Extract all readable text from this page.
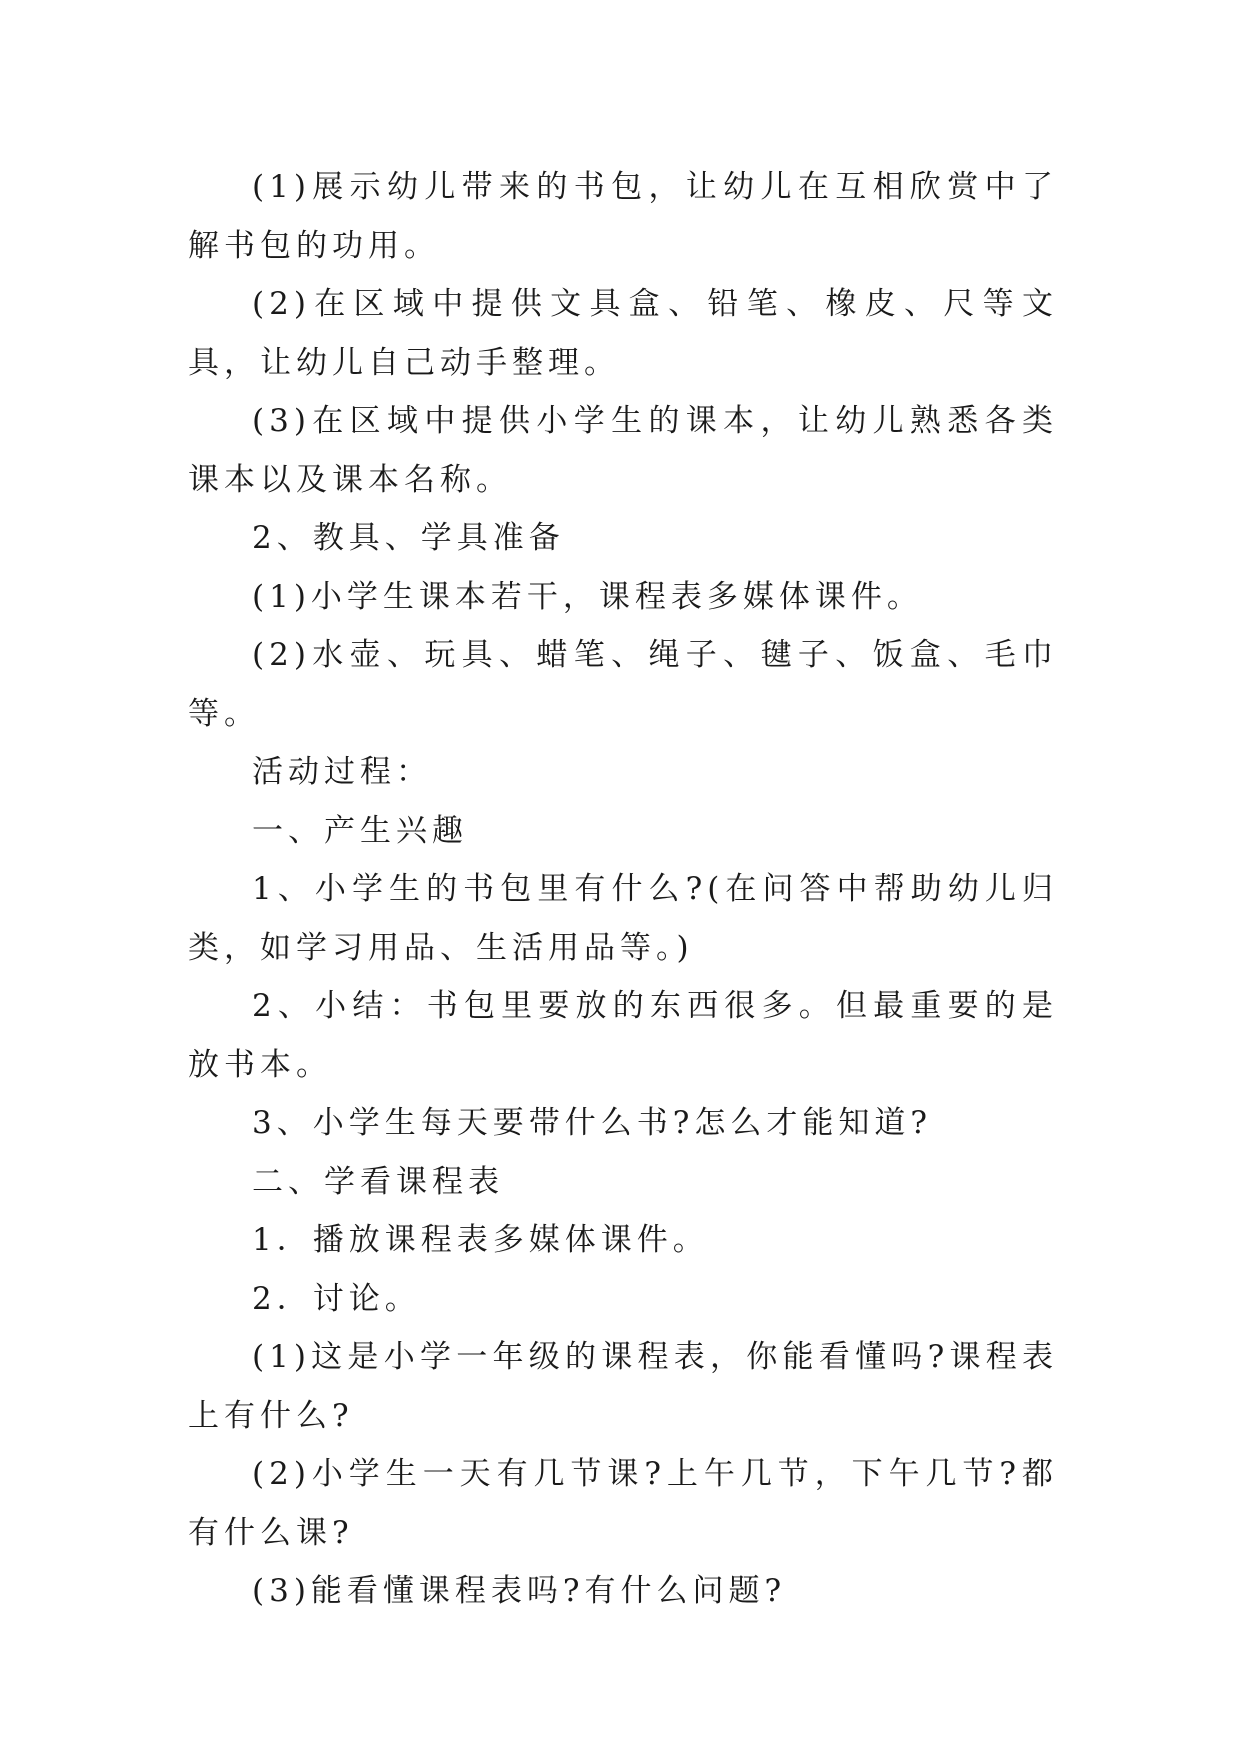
(1)展示幼儿带来的书包，让幼儿在互相欣赏中了解书包的功用。

(2)在区域中提供文具盒、铅笔、橡皮、尺等文具，让幼儿自己动手整理。

(3)在区域中提供小学生的课本，让幼儿熟悉各类课本以及课本名称。

2、教具、学具准备

(1)小学生课本若干，课程表多媒体课件。

(2)水壶、玩具、蜡笔、绳子、毽子、饭盒、毛巾等。

活动过程：

一、产生兴趣

1、小学生的书包里有什么?(在问答中帮助幼儿归类，如学习用品、生活用品等。)

2、小结：书包里要放的东西很多。但最重要的是放书本。

3、小学生每天要带什么书?怎么才能知道?

二、学看课程表

1．播放课程表多媒体课件。

2．讨论。

(1)这是小学一年级的课程表，你能看懂吗?课程表上有什么?

(2)小学生一天有几节课?上午几节，下午几节?都有什么课?

(3)能看懂课程表吗?有什么问题?
